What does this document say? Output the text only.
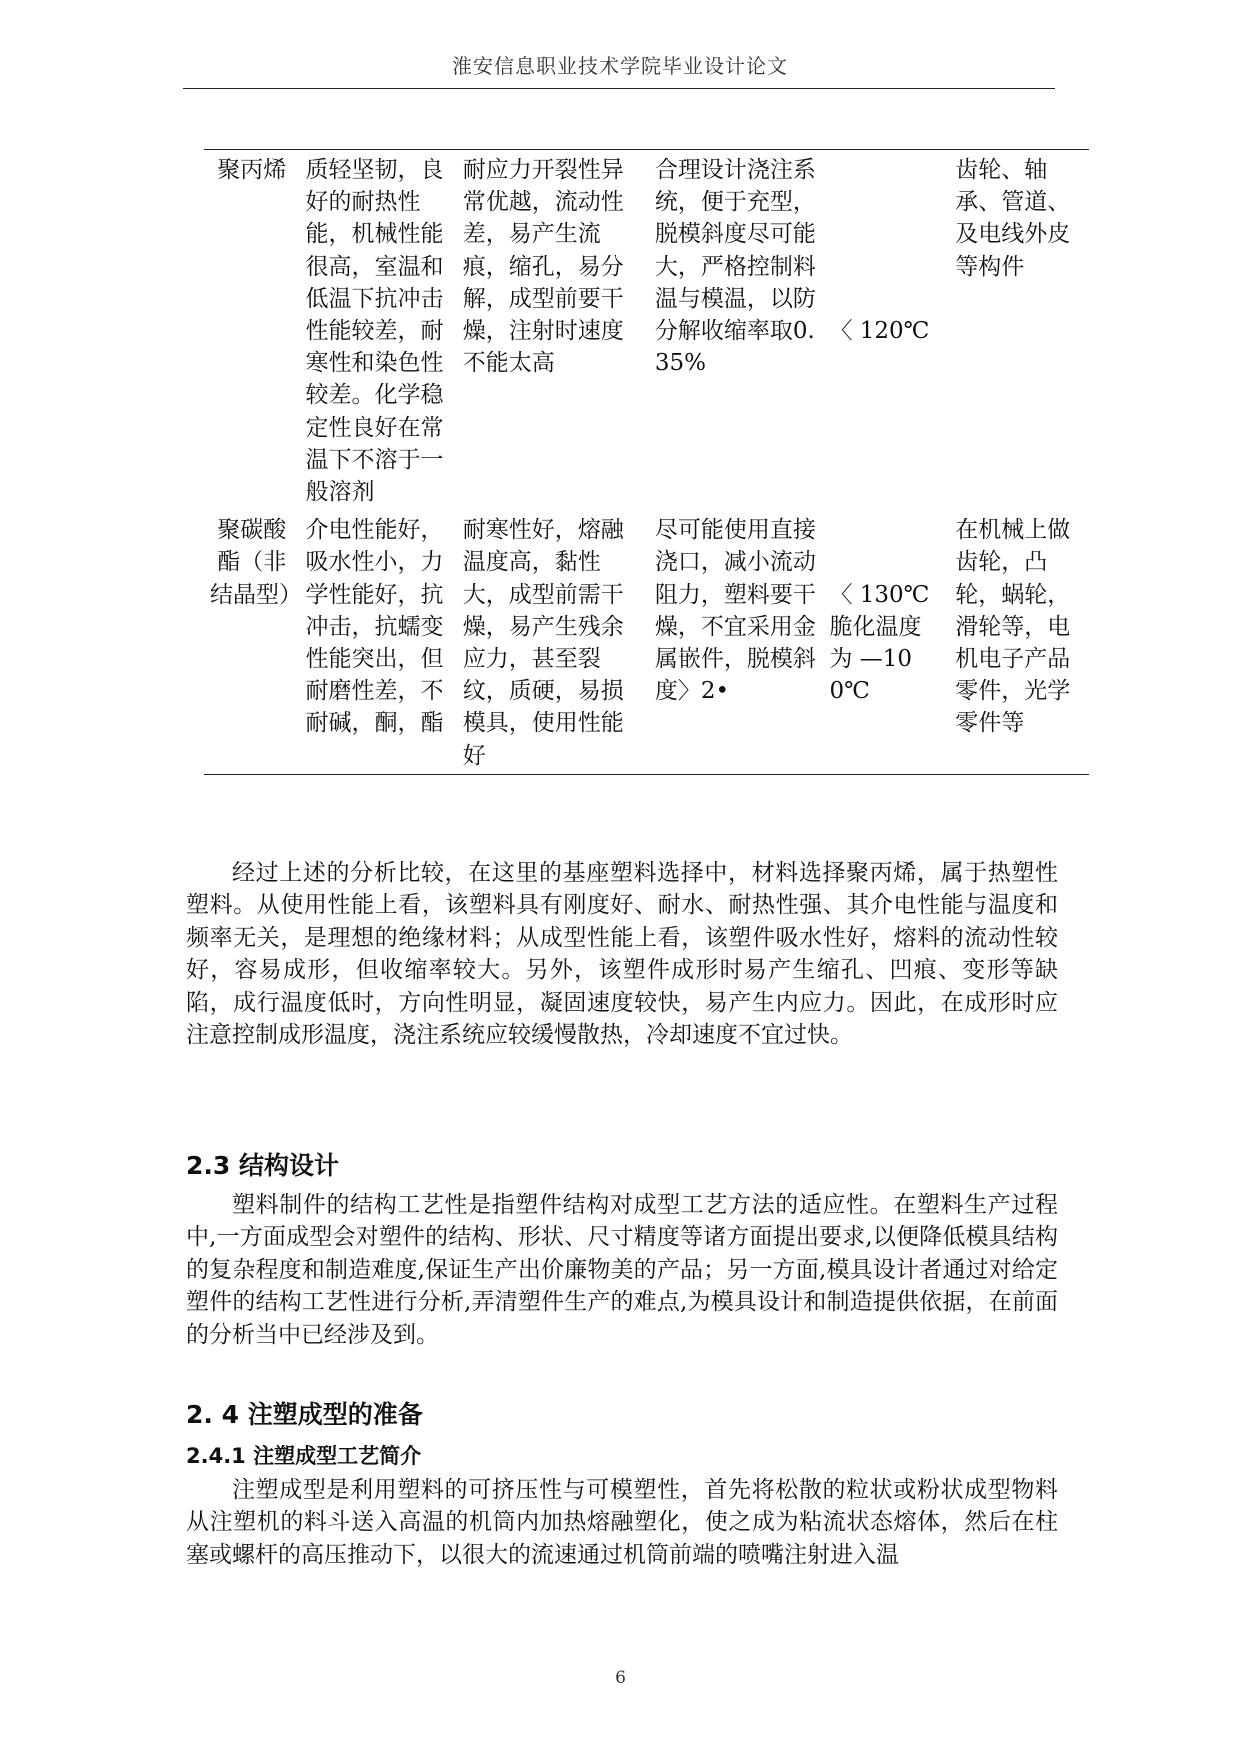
淮安信息职业技术学院毕业设计论文
聚丙烯	质轻坚韧，良好的耐热性能，机械性能很高，室温和低温下抗冲击性能较差，耐寒性和染色性较差。化学稳定性良好在常温下不溶于一般溶剂	耐应力开裂性异常优越，流动性差，易产生流痕，缩孔，易分解，成型前要干燥，注射时速度不能太高	合理设计浇注系统，便于充型，脱模斜度尽可能大，严格控制料温与模温，以防分解收缩率取0.35%	〈 120℃	齿轮、轴承、管道、及电线外皮等构件
聚碳酸酯（非结晶型）	介电性能好，吸水性小，力学性能好，抗冲击，抗蠕变性能突出，但耐磨性差，不耐碱，酮，酯	耐寒性好，熔融温度高，黏性大，成型前需干燥，易产生残余应力，甚至裂纹，质硬，易损模具，使用性能好	尽可能使用直接浇口，减小流动阻力，塑料要干燥，不宜采用金属嵌件，脱模斜度〉2•	〈 130℃ 脆化温度为 —100℃	在机械上做齿轮，凸轮，蜗轮，滑轮等，电机电子产品零件，光学零件等

经过上述的分析比较，在这里的基座塑料选择中，材料选择聚丙烯，属于热塑性塑料。从使用性能上看，该塑料具有刚度好、耐水、耐热性强、其介电性能与温度和频率无关，是理想的绝缘材料；从成型性能上看，该塑件吸水性好，熔料的流动性较好，容易成形，但收缩率较大。另外，该塑件成形时易产生缩孔、凹痕、变形等缺陷，成行温度低时，方向性明显，凝固速度较快，易产生内应力。因此，在成形时应注意控制成形温度，浇注系统应较缓慢散热，冷却速度不宜过快。

2.3 结构设计

塑料制件的结构工艺性是指塑件结构对成型工艺方法的适应性。在塑料生产过程中,一方面成型会对塑件的结构、形状、尺寸精度等诸方面提出要求,以便降低模具结构的复杂程度和制造难度,保证生产出价廉物美的产品；另一方面,模具设计者通过对给定塑件的结构工艺性进行分析,弄清塑件生产的难点,为模具设计和制造提供依据，在前面的分析当中已经涉及到。

2. 4 注塑成型的准备
2.4.1 注塑成型工艺简介

注塑成型是利用塑料的可挤压性与可模塑性，首先将松散的粒状或粉状成型物料从注塑机的料斗送入高温的机筒内加热熔融塑化，使之成为粘流状态熔体，然后在柱塞或螺杆的高压推动下，以很大的流速通过机筒前端的喷嘴注射进入温

6
